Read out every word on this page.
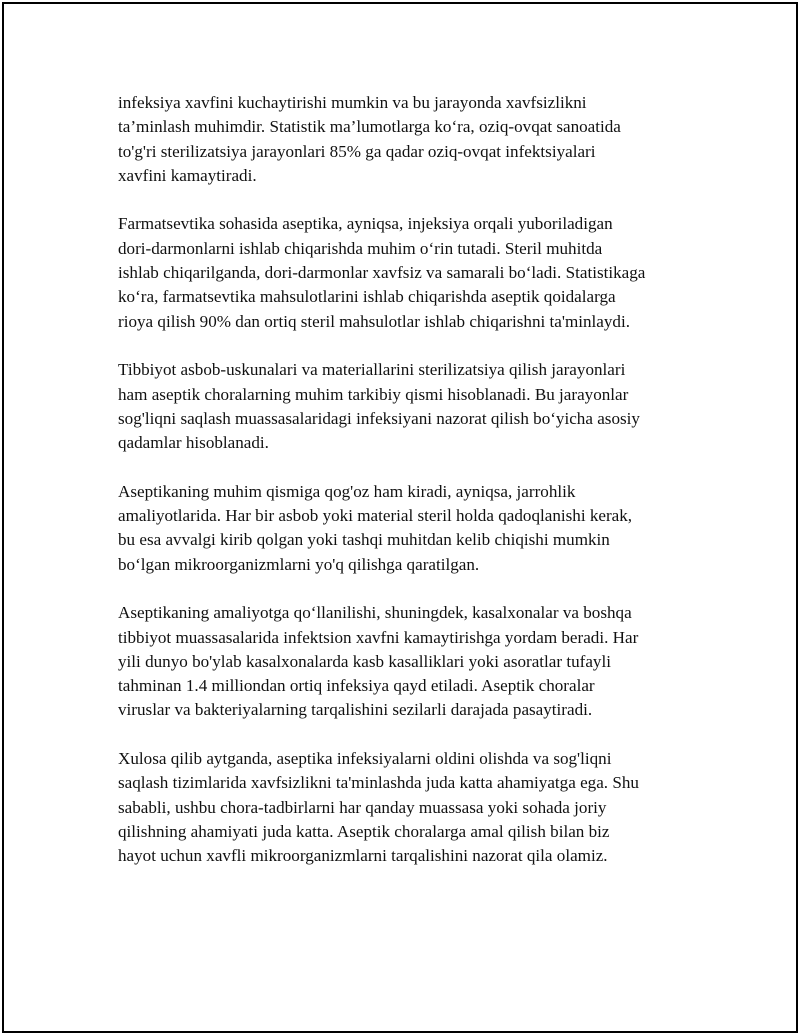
infeksiya xavfini kuchaytirishi mumkin va bu jarayonda xavfsizlikni
ta’minlash muhimdir. Statistik ma’lumotlarga ko‘ra, oziq-ovqat sanoatida
to'g'ri sterilizatsiya jarayonlari 85% ga qadar oziq-ovqat infektsiyalari
xavfini kamaytiradi.

Farmatsevtika sohasida aseptika, ayniqsa, injeksiya orqali yuboriladigan
dori-darmonlarni ishlab chiqarishda muhim o‘rin tutadi. Steril muhitda
ishlab chiqarilganda, dori-darmonlar xavfsiz va samarali bo‘ladi. Statistikaga
ko‘ra, farmatsevtika mahsulotlarini ishlab chiqarishda aseptik qoidalarga
rioya qilish 90% dan ortiq steril mahsulotlar ishlab chiqarishni ta'minlaydi.

Tibbiyot asbob-uskunalari va materiallarini sterilizatsiya qilish jarayonlari
ham aseptik choralarning muhim tarkibiy qismi hisoblanadi. Bu jarayonlar
sog'liqni saqlash muassasalaridagi infeksiyani nazorat qilish bo‘yicha asosiy
qadamlar hisoblanadi.

Aseptikaning muhim qismiga qog'oz ham kiradi, ayniqsa, jarrohlik
amaliyotlarida. Har bir asbob yoki material steril holda qadoqlanishi kerak,
bu esa avvalgi kirib qolgan yoki tashqi muhitdan kelib chiqishi mumkin
bo‘lgan mikroorganizmlarni yo'q qilishga qaratilgan.

Aseptikaning amaliyotga qo‘llanilishi, shuningdek, kasalxonalar va boshqa
tibbiyot muassasalarida infektsion xavfni kamaytirishga yordam beradi. Har
yili dunyo bo'ylab kasalxonalarda kasb kasalliklari yoki asoratlar tufayli
tahminan 1.4 milliondan ortiq infeksiya qayd etiladi. Aseptik choralar
viruslar va bakteriyalarning tarqalishini sezilarli darajada pasaytiradi.

Xulosa qilib aytganda, aseptika infeksiyalarni oldini olishda va sog'liqni
saqlash tizimlarida xavfsizlikni ta'minlashda juda katta ahamiyatga ega. Shu
sababli, ushbu chora-tadbirlarni har qanday muassasa yoki sohada joriy
qilishning ahamiyati juda katta. Aseptik choralarga amal qilish bilan biz
hayot uchun xavfli mikroorganizmlarni tarqalishini nazorat qila olamiz.
